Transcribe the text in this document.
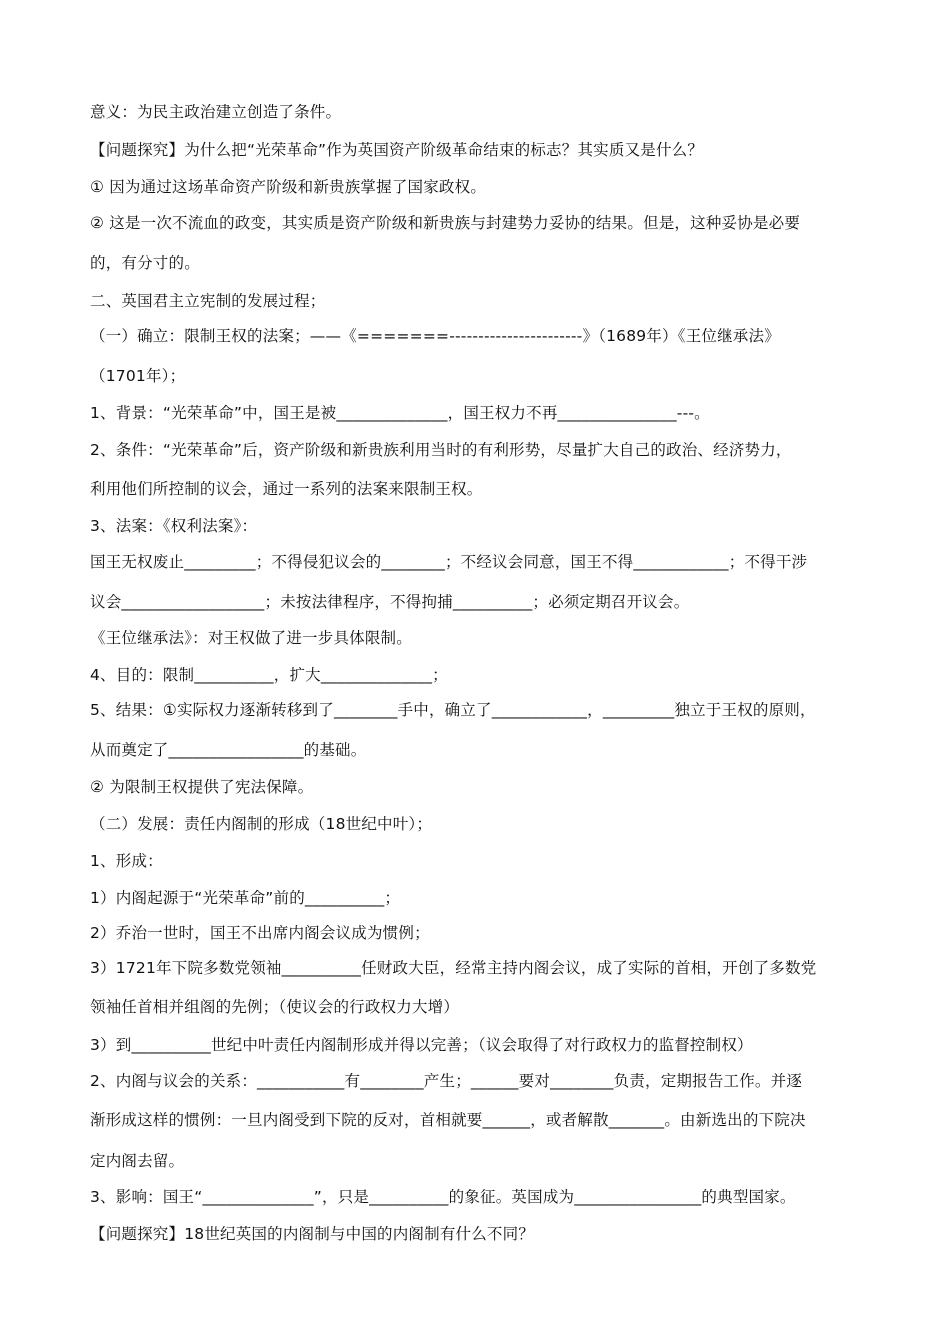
意义：为民主政治建立创造了条件。
【问题探究】为什么把“光荣革命”作为英国资产阶级革命结束的标志？其实质又是什么？
① 因为通过这场革命资产阶级和新贵族掌握了国家政权。
② 这是一次不流血的政变，其实质是资产阶级和新贵族与封建势力妥协的结果。但是，这种妥协是必要
的，有分寸的。
二、英国君主立宪制的发展过程；
（一）确立：限制王权的法案；——《=======-----------------------》（1689年）《王位继承法》
（1701年）；
1、背景：“光荣革命”中，国王是被______________，国王权力不再_______________---。
2、条件：“光荣革命”后，资产阶级和新贵族利用当时的有利形势，尽量扩大自己的政治、经济势力，
利用他们所控制的议会，通过一系列的法案来限制王权。
3、法案：《权利法案》：
国王无权废止_________；不得侵犯议会的________；不经议会同意，国王不得____________；不得干涉
议会__________________；未按法律程序，不得拘捕__________；必须定期召开议会。
《王位继承法》：对王权做了进一步具体限制。
4、目的：限制__________，扩大______________；
5、结果：①实际权力逐渐转移到了________手中，确立了____________，_________独立于王权的原则，
从而奠定了_________________的基础。
② 为限制王权提供了宪法保障。
（二）发展：责任内阁制的形成（18世纪中叶）；
1、形成：
1）内阁起源于“光荣革命”前的__________；
2）乔治一世时，国王不出席内阁会议成为惯例；
3）1721年下院多数党领袖__________任财政大臣，经常主持内阁会议，成了实际的首相，开创了多数党
领袖任首相并组阁的先例；（使议会的行政权力大增）
3）到__________世纪中叶责任内阁制形成并得以完善；（议会取得了对行政权力的监督控制权）
2、内阁与议会的关系：___________有________产生；______要对________负责，定期报告工作。并逐
渐形成这样的惯例：一旦内阁受到下院的反对，首相就要______，或者解散_______。由新选出的下院决
定内阁去留。
3、影响：国王“______________”，只是__________的象征。英国成为________________的典型国家。
【问题探究】18世纪英国的内阁制与中国的内阁制有什么不同？
